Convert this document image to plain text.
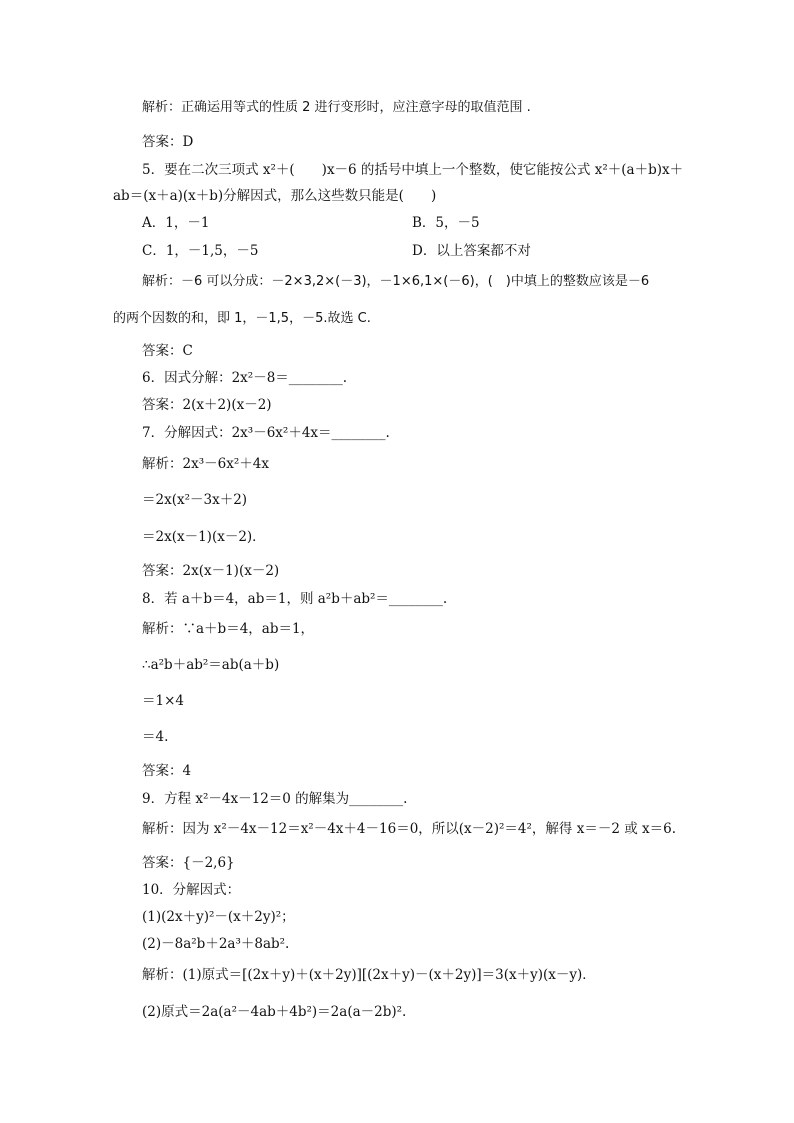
解析：正确运用等式的性质 2 进行变形时，应注意字母的取值范围 .
答案：D
5．要在二次三项式 x²＋(　　)x－6 的括号中填上一个整数，使它能按公式 x²＋(a＋b)x＋
ab＝(x＋a)(x＋b)分解因式，那么这些数只能是(　　)
A．1，－1	B．5，－5
C．1，－1,5，－5	D．以上答案都不对
解析：－6 可以分成：－2×3,2×(－3)，－1×6,1×(－6)，(　)中填上的整数应该是－6
的两个因数的和，即 1，－1,5，－5.故选 C.
答案：C
6．因式分解：2x²－8＝________.
答案：2(x＋2)(x－2)
7．分解因式：2x³－6x²＋4x＝________.
解析：2x³－6x²＋4x
＝2x(x²－3x＋2)
＝2x(x－1)(x－2)．
答案：2x(x－1)(x－2)
8．若 a＋b＝4，ab＝1，则 a²b＋ab²＝________.
解析：∵a＋b＝4，ab＝1，
∴a²b＋ab²＝ab(a＋b)
＝1×4
＝4.
答案：4
9．方程 x²－4x－12＝0 的解集为________.
解析：因为 x²－4x－12＝x²－4x＋4－16＝0，所以(x－2)²＝4²，解得 x＝－2 或 x＝6.
答案：{－2,6}
10．分解因式：
(1)(2x＋y)²－(x＋2y)²；
(2)－8a²b＋2a³＋8ab².
解析：(1)原式＝[(2x＋y)＋(x＋2y)][(2x＋y)－(x＋2y)]＝3(x＋y)(x－y)．
(2)原式＝2a(a²－4ab＋4b²)＝2a(a－2b)².
